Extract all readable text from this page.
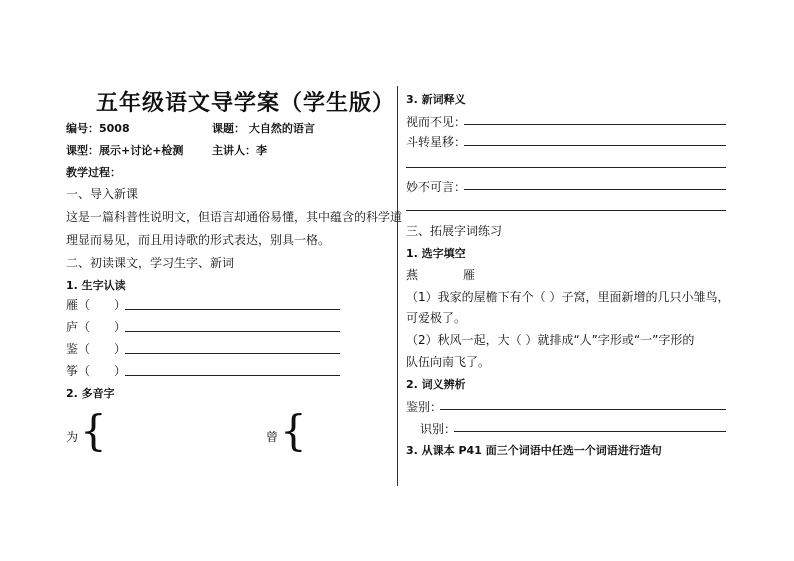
五年级语文导学案（学生版）
编号：5008	课题： 大自然的语言
课型：展示+讨论+检测	主讲人：李
教学过程：
一、导入新课
这是一篇科普性说明文，但语言却通俗易懂，其中蕴含的科学道
理显而易见，而且用诗歌的形式表达，别具一格。
二、初读课文，学习生字、新词
1. 生字认读
雁（ ）
庐（ ）
鉴（ ）
筝（ ）
2. 多音字
为 {	曾 {
3. 新词释义
视而不见：
斗转星移：
妙不可言：
三、拓展字词练习
1. 选字填空
燕	雁
（1）我家的屋檐下有个（ ）子窝，里面新增的几只小雏鸟，
可爱极了。
（2）秋风一起，大（ ）就排成“人”字形或“一”字形的
队伍向南飞了。
2. 词义辨析
鉴别：
识别：
3. 从课本 P41 面三个词语中任选一个词语进行造句
